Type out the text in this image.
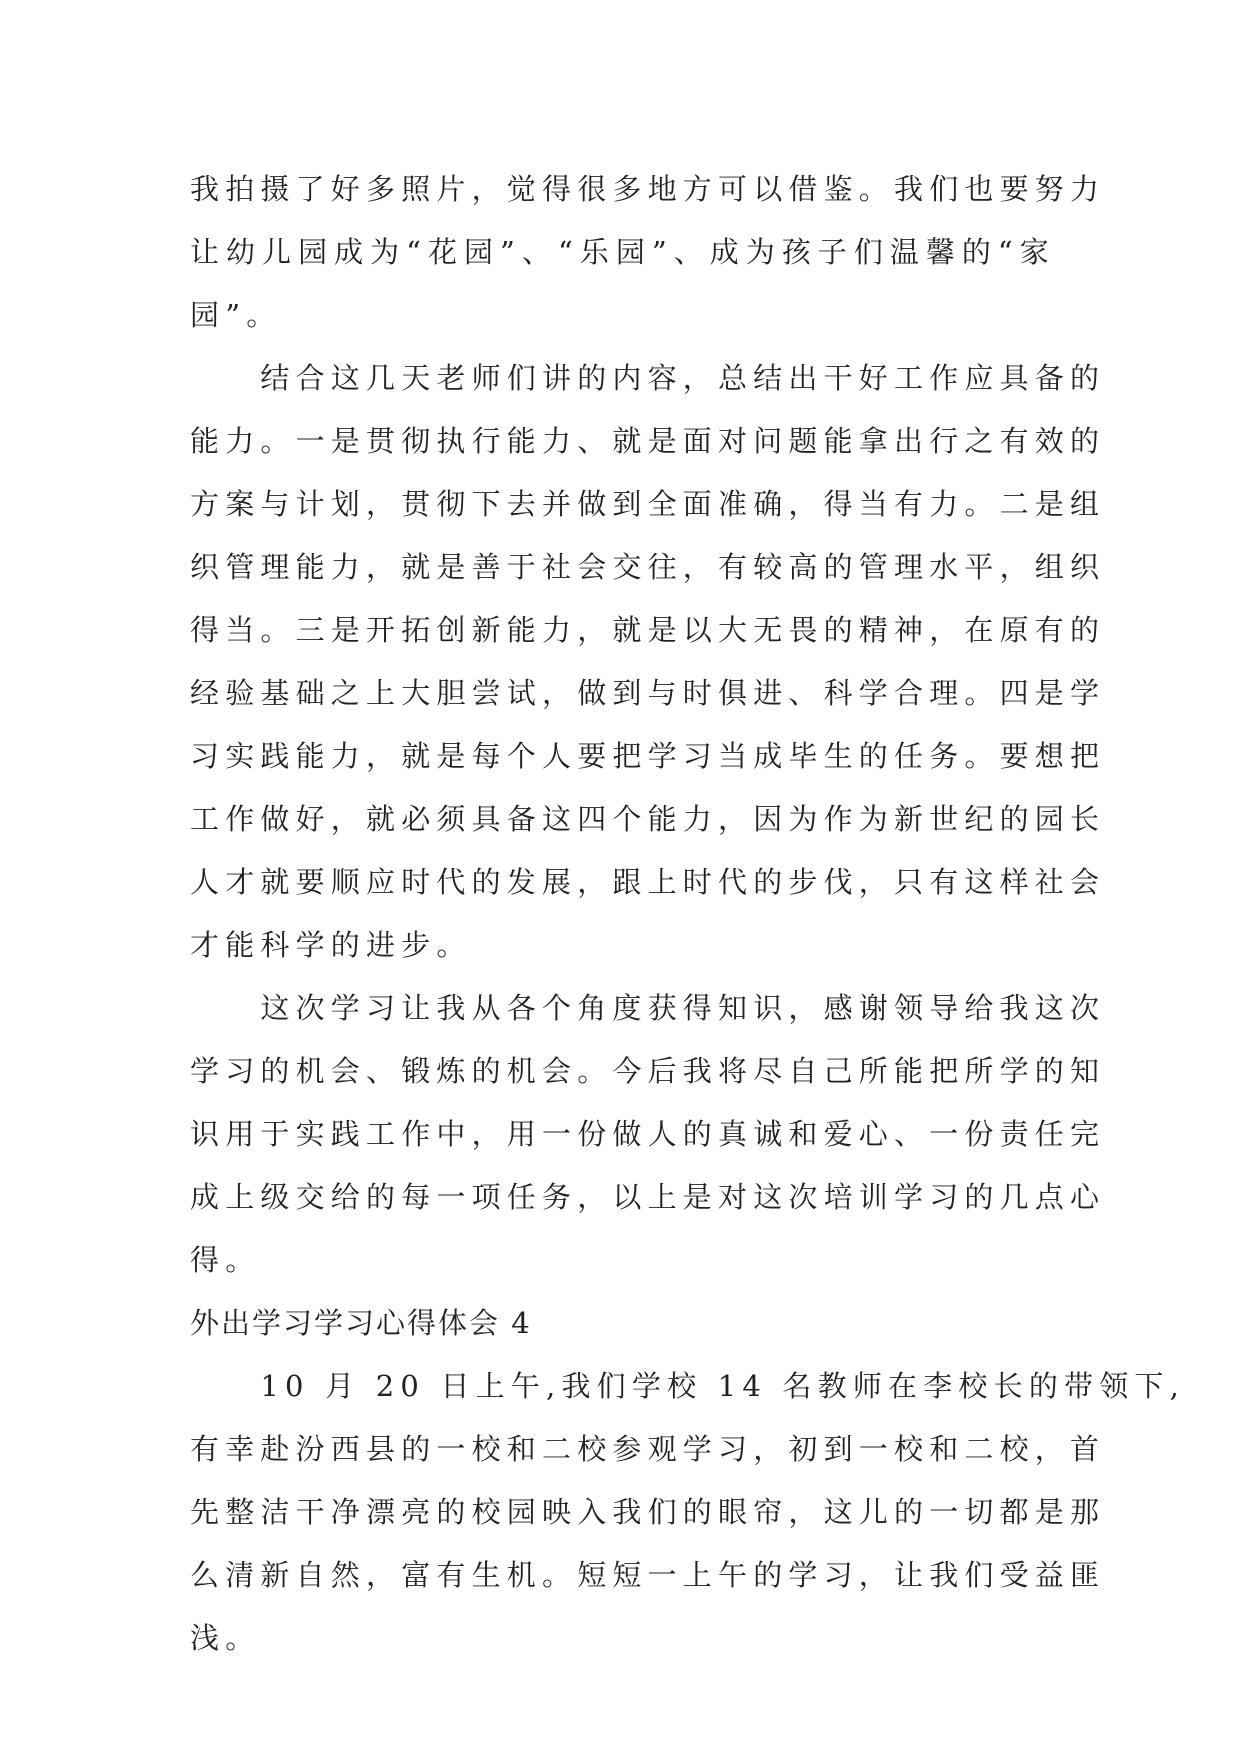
我拍摄了好多照片，觉得很多地方可以借鉴。我们也要努力
让幼儿园成为“花园”、“乐园”、成为孩子们温馨的“家
园”。
　　结合这几天老师们讲的内容，总结出干好工作应具备的
能力。一是贯彻执行能力、就是面对问题能拿出行之有效的
方案与计划，贯彻下去并做到全面准确，得当有力。二是组
织管理能力，就是善于社会交往，有较高的管理水平，组织
得当。三是开拓创新能力，就是以大无畏的精神，在原有的
经验基础之上大胆尝试，做到与时俱进、科学合理。四是学
习实践能力，就是每个人要把学习当成毕生的任务。要想把
工作做好，就必须具备这四个能力，因为作为新世纪的园长
人才就要顺应时代的发展，跟上时代的步伐，只有这样社会
才能科学的进步。
　　这次学习让我从各个角度获得知识，感谢领导给我这次
学习的机会、锻炼的机会。今后我将尽自己所能把所学的知
识用于实践工作中，用一份做人的真诚和爱心、一份责任完
成上级交给的每一项任务，以上是对这次培训学习的几点心
得。
外出学习学习心得体会 4
　　10 月 20 日上午,我们学校 14 名教师在李校长的带领下,
有幸赴汾西县的一校和二校参观学习，初到一校和二校，首
先整洁干净漂亮的校园映入我们的眼帘，这儿的一切都是那
么清新自然，富有生机。短短一上午的学习，让我们受益匪
浅。
